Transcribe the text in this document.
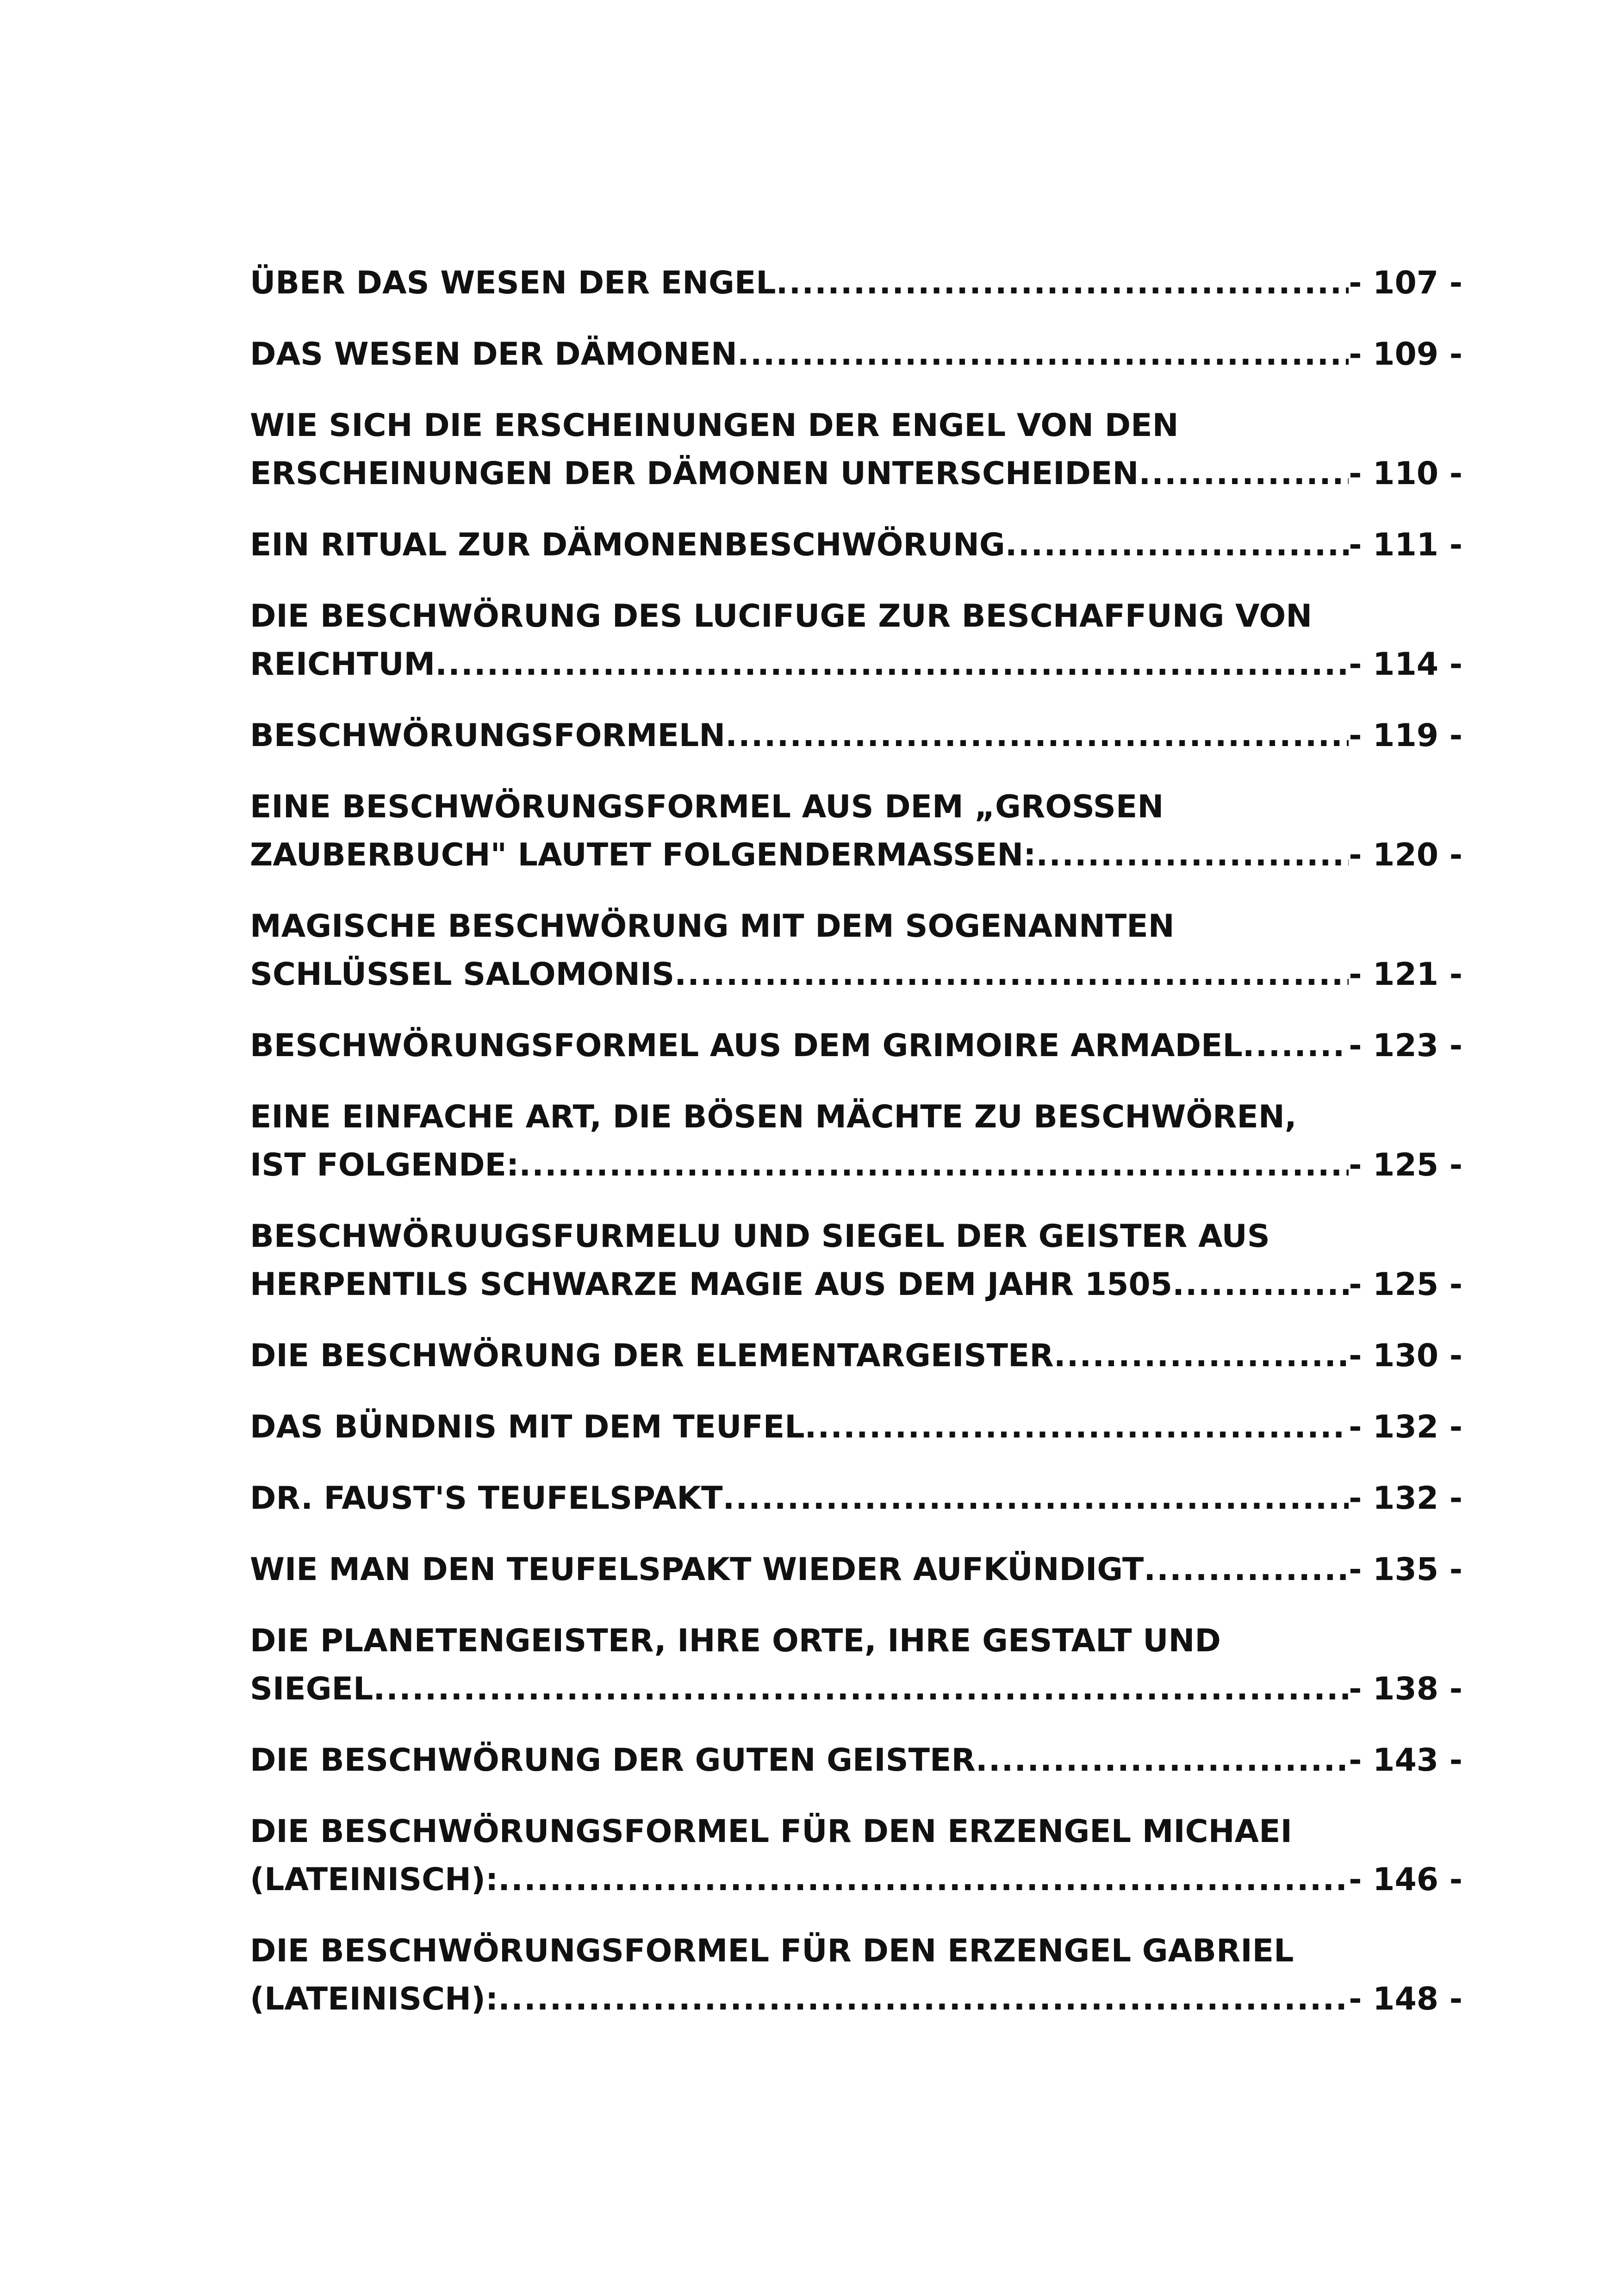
ÜBER DAS WESEN DER ENGEL .....	- 107 -
DAS WESEN DER DÄMONEN .....	- 109 -
WIE SICH DIE ERSCHEINUNGEN DER ENGEL VON DEN
ERSCHEINUNGEN DER DÄMONEN UNTERSCHEIDEN .....	- 110 -
EIN RITUAL ZUR DÄMONENBESCHWÖRUNG .....	- 111 -
DIE BESCHWÖRUNG DES LUCIFUGE ZUR BESCHAFFUNG VON
REICHTUM .....	- 114 -
BESCHWÖRUNGSFORMELN .....	- 119 -
EINE BESCHWÖRUNGSFORMEL AUS DEM „GROSSEN
ZAUBERBUCH" LAUTET FOLGENDERMASSEN: .....	- 120 -
MAGISCHE BESCHWÖRUNG MIT DEM SOGENANNTEN
SCHLÜSSEL SALOMONIS .....	- 121 -
BESCHWÖRUNGSFORMEL AUS DEM GRIMOIRE ARMADEL .....	- 123 -
EINE EINFACHE ART, DIE BÖSEN MÄCHTE ZU BESCHWÖREN,
IST FOLGENDE: .....	- 125 -
BESCHWÖRUUGSFURMELU UND SIEGEL DER GEISTER AUS
HERPENTILS SCHWARZE MAGIE AUS DEM JAHR 1505 .....	- 125 -
DIE BESCHWÖRUNG DER ELEMENTARGEISTER .....	- 130 -
DAS BÜNDNIS MIT DEM TEUFEL .....	- 132 -
DR. FAUST'S TEUFELSPAKT .....	- 132 -
WIE MAN DEN TEUFELSPAKT WIEDER AUFKÜNDIGT .....	- 135 -
DIE PLANETENGEISTER, IHRE ORTE, IHRE GESTALT UND
SIEGEL .....	- 138 -
DIE BESCHWÖRUNG DER GUTEN GEISTER .....	- 143 -
DIE BESCHWÖRUNGSFORMEL FÜR DEN ERZENGEL MICHAEI
(LATEINISCH): .....	- 146 -
DIE BESCHWÖRUNGSFORMEL FÜR DEN ERZENGEL GABRIEL
(LATEINISCH): .....	- 148 -
